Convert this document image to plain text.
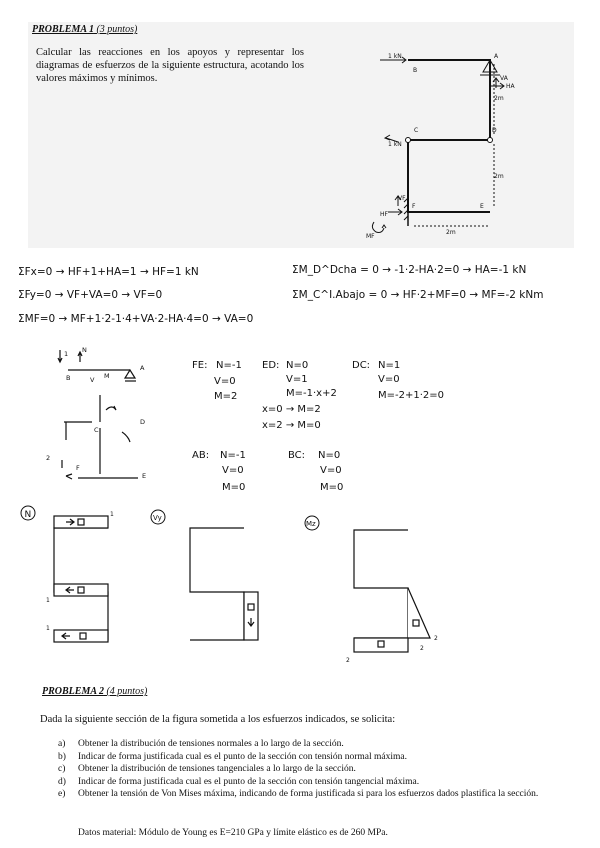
PROBLEMA 1 (3 puntos)
Calcular las reacciones en los apoyos y representar los diagramas de esfuerzos de la siguiente estructura, acotando los valores máximos y mínimos.
B
A
C	D
E
F
1 kN
1 kN
2m
2m
2m
VA
HA
VF
HF
MF
ΣFx=0 → HF+1+HA=1 → HF=1 kN
ΣFy=0 → VF+VA=0 → VF=0
ΣMF=0 → MF+1·2-1·4+VA·2-HA·4=0 → VA=0
ΣM_D^Dcha = 0 → -1·2-HA·2=0 → HA=-1 kN
ΣM_C^I.Abajo = 0 → HF·2+MF=0 → MF=-2 kNm
N
A
B	V M
D
F
C
E
2
1
FE: N=-1
V=0
M=2
ED: N=0
V=1
M=-1·x+2
x=0 → M=2
x=2 → M=0
DC: N=1
V=0
M=-2+1·2=0
AB: N=-1
V=0
M=0
BC: N=0
V=0
M=0
N	1
1
1
Vy
Mz
2
2
2
PROBLEMA 2 (4 puntos)
Dada la siguiente sección de la figura sometida a los esfuerzos indicados, se solicita:
a) Obtener la distribución de tensiones normales a lo largo de la sección.
b) Indicar de forma justificada cual es el punto de la sección con tensión normal máxima.
c) Obtener la distribución de tensiones tangenciales a lo largo de la sección.
d) Indicar de forma justificada cual es el punto de la sección con tensión tangencial máxima.
e) Obtener la tensión de Von Mises máxima, indicando de forma justificada si para los esfuerzos dados plastifica la sección.
Datos material: Módulo de Young es E=210 GPa y límite elástico es de 260 MPa.
